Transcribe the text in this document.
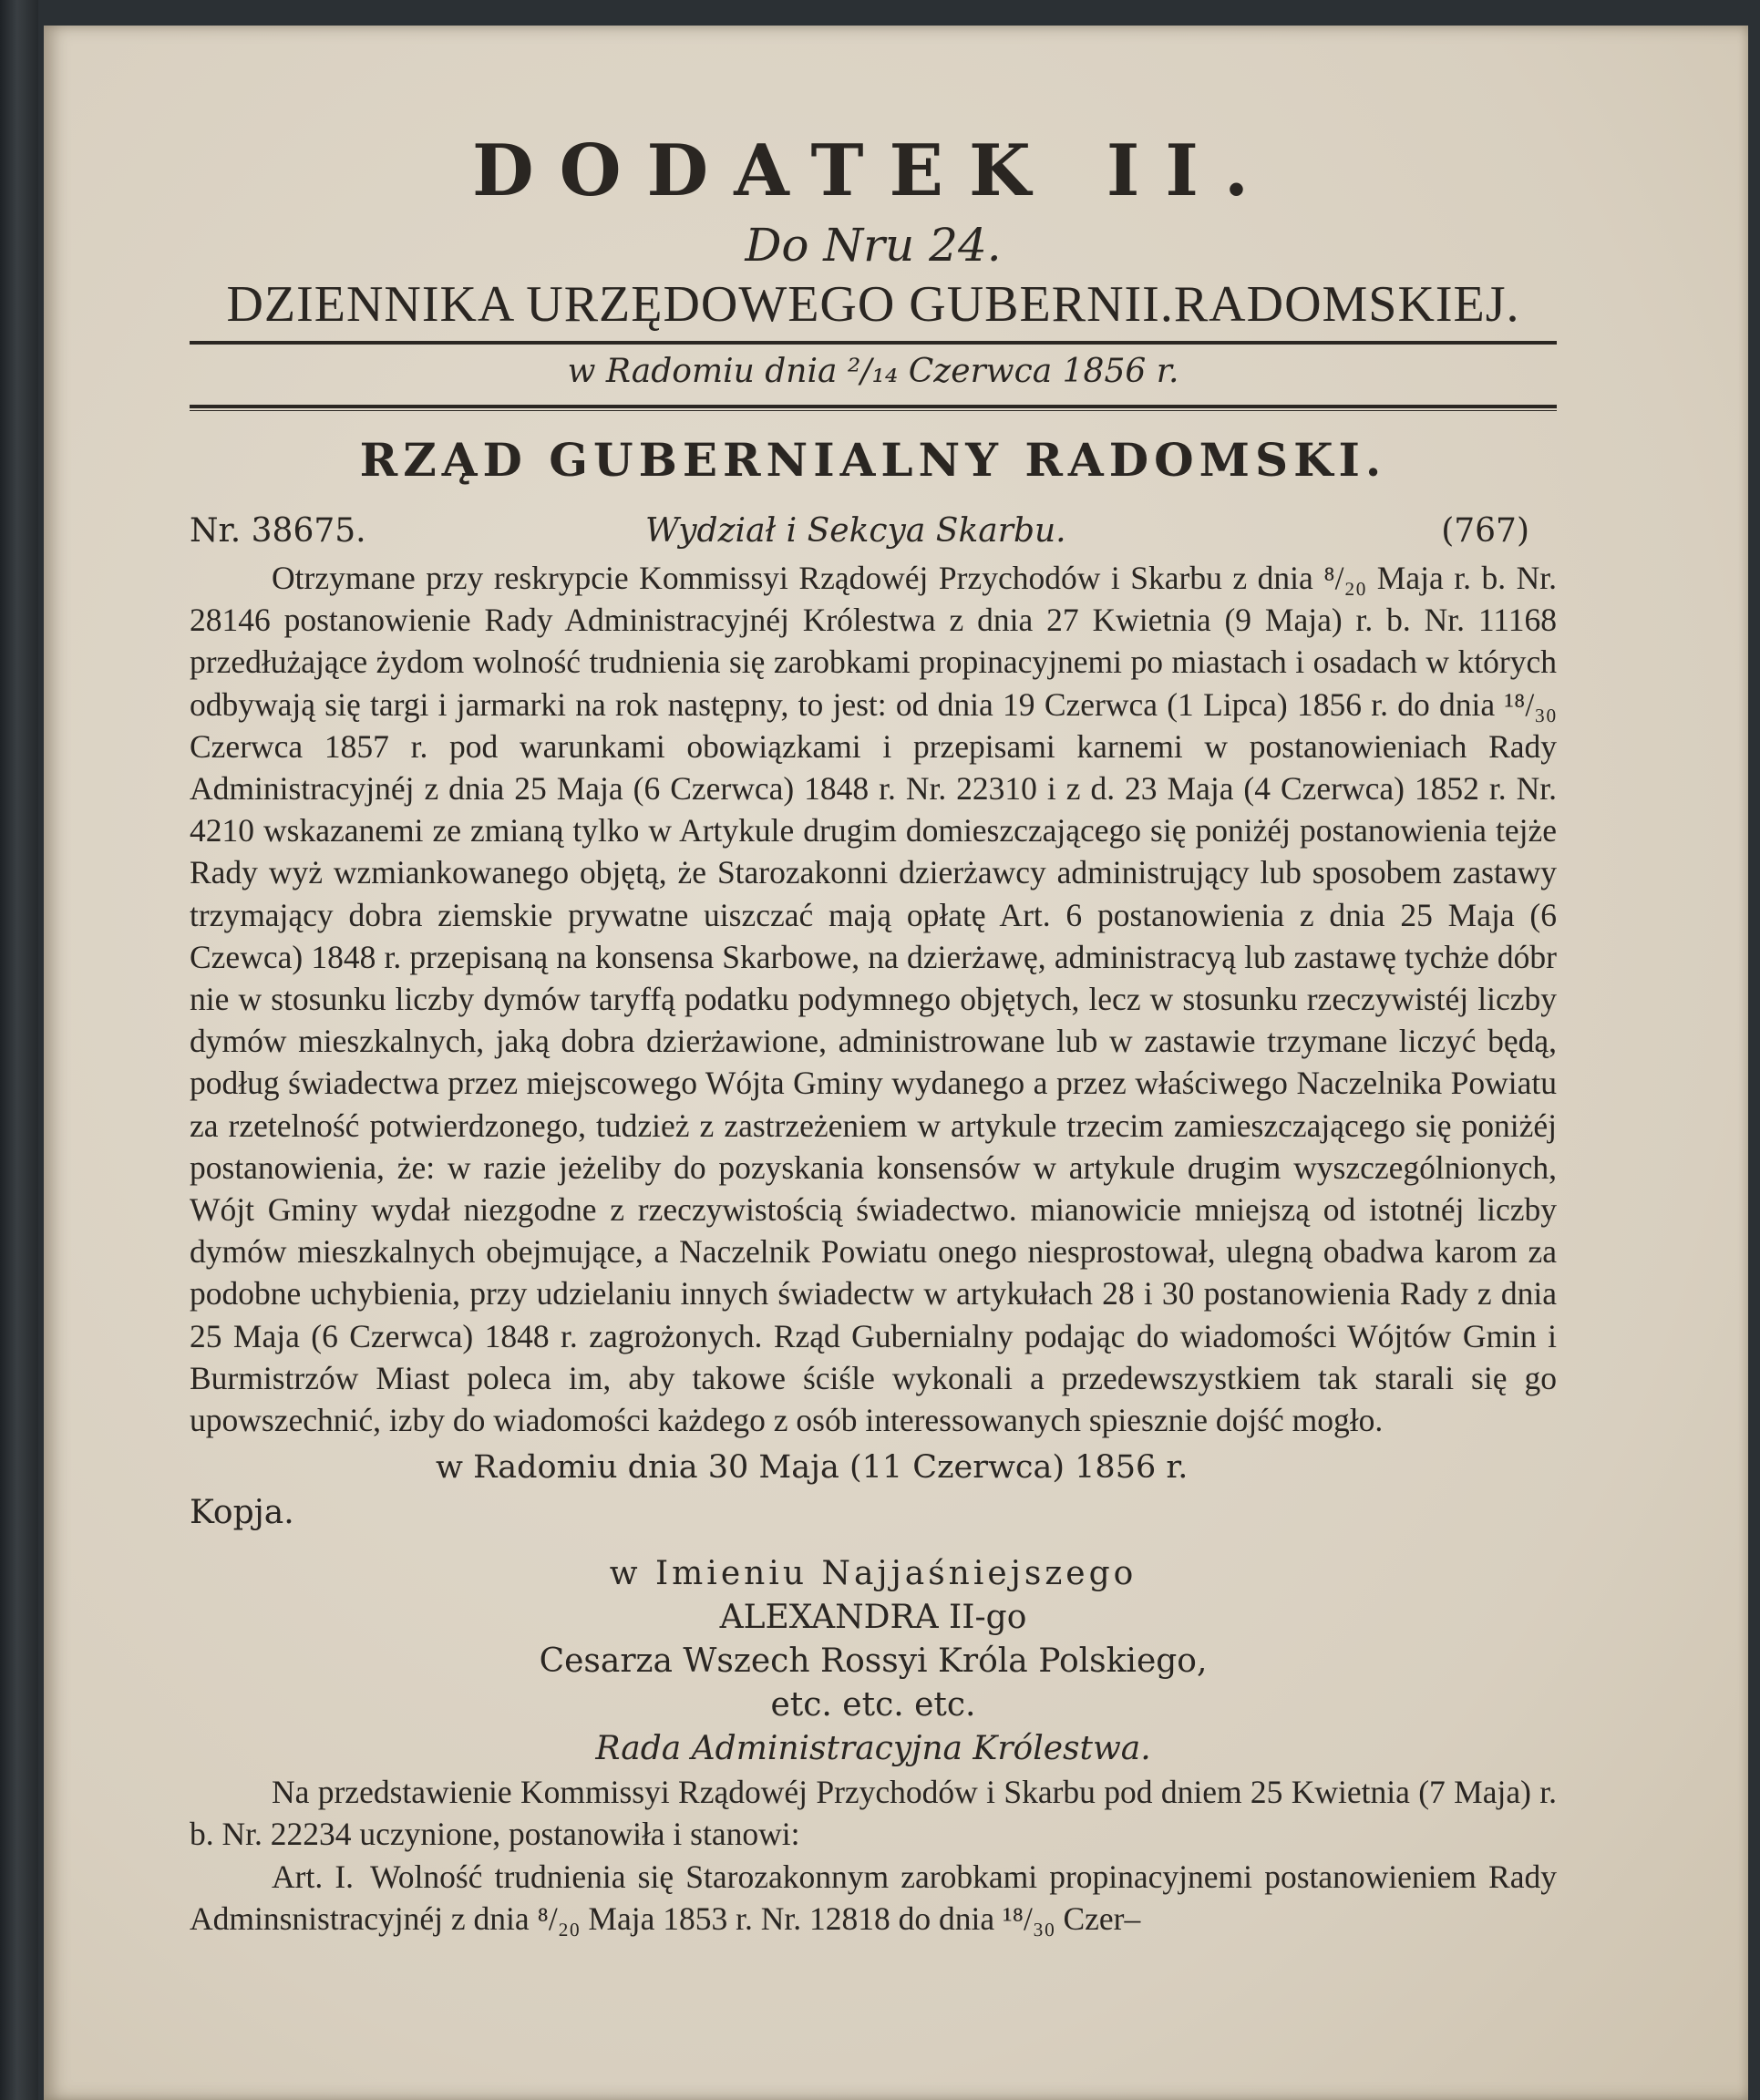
DODATEK II.

Do Nru 24.

DZIENNIKA URZĘDOWEGO GUBERNII.RADOMSKIEJ.

w Radomiu dnia ²/₁₄ Czerwca 1856 r.

RZĄD GUBERNIALNY RADOMSKI.

Nr. 38675.	Wydział i Sekcya Skarbu.	(767)

Otrzymane przy reskrypcie Kommissyi Rządowéj Przychodów i Skarbu z dnia ⁸/₂₀ Maja r. b. Nr. 28146 postanowienie Rady Administracyjnéj Królestwa z dnia 27 Kwietnia (9 Maja) r. b. Nr. 11168 przedłużające żydom wolność trudnienia się zarobkami propinacyjnemi po miastach i osadach w których odbywają się targi i jarmarki na rok następny, to jest: od dnia 19 Czerwca (1 Lipca) 1856 r. do dnia ¹⁸/₃₀ Czerwca 1857 r. pod warunkami obowiązkami i przepisami karnemi w postanowieniach Rady Administracyjnéj z dnia 25 Maja (6 Czerwca) 1848 r. Nr. 22310 i z d. 23 Maja (4 Czerwca) 1852 r. Nr. 4210 wskazanemi ze zmianą tylko w Artykule drugim domieszczającego się poniżéj postanowienia tejże Rady wyż wzmiankowanego objętą, że Starozakonni dzierżawcy administrujący lub sposobem zastawy trzymający dobra ziemskie prywatne uiszczać mają opłatę Art. 6 postanowienia z dnia 25 Maja (6 Czewca) 1848 r. przepisaną na konsensa Skarbowe, na dzierżawę, administracyą lub zastawę tychże dóbr nie w stosunku liczby dymów taryffą podatku podymnego objętych, lecz w stosunku rzeczywistéj liczby dymów mieszkalnych, jaką dobra dzierżawione, administrowane lub w zastawie trzymane liczyć będą, podług świadectwa przez miejscowego Wójta Gminy wydanego a przez właściwego Naczelnika Powiatu za rzetelność potwierdzonego, tudzież z zastrzeżeniem w artykule trzecim zamieszczającego się poniżéj postanowienia, że: w razie jeżeliby do pozyskania konsensów w artykule drugim wyszczególnionych, Wójt Gminy wydał niezgodne z rzeczywistością świadectwo. mianowicie mniejszą od istotnéj liczby dymów mieszkalnych obejmujące, a Naczelnik Powiatu onego niesprostował, ulegną obadwa karom za podobne uchybienia, przy udzielaniu innych świadectw w artykułach 28 i 30 postanowienia Rady z dnia 25 Maja (6 Czerwca) 1848 r. zagrożonych. Rząd Gubernialny podając do wiadomości Wójtów Gmin i Burmistrzów Miast poleca im, aby takowe ściśle wykonali a przedewszystkiem tak starali się go upowszechnić, izby do wiadomości każdego z osób interessowanych spiesznie dojść mogło.

w Radomiu dnia 30 Maja (11 Czerwca) 1856 r.

Kopja.

w Imieniu Najjaśniejszego

ALEXANDRA II-go

Cesarza Wszech Rossyi Króla Polskiego,

etc. etc. etc.

Rada Administracyjna Królestwa.

Na przedstawienie Kommissyi Rządowéj Przychodów i Skarbu pod dniem 25 Kwietnia (7 Maja) r. b. Nr. 22234 uczynione, postanowiła i stanowi:

Art. I. Wolność trudnienia się Starozakonnym zarobkami propinacyjnemi postanowieniem Rady Adminsnistracyjnéj z dnia ⁸/₂₀ Maja 1853 r. Nr. 12818 do dnia ¹⁸/₃₀ Czer–
